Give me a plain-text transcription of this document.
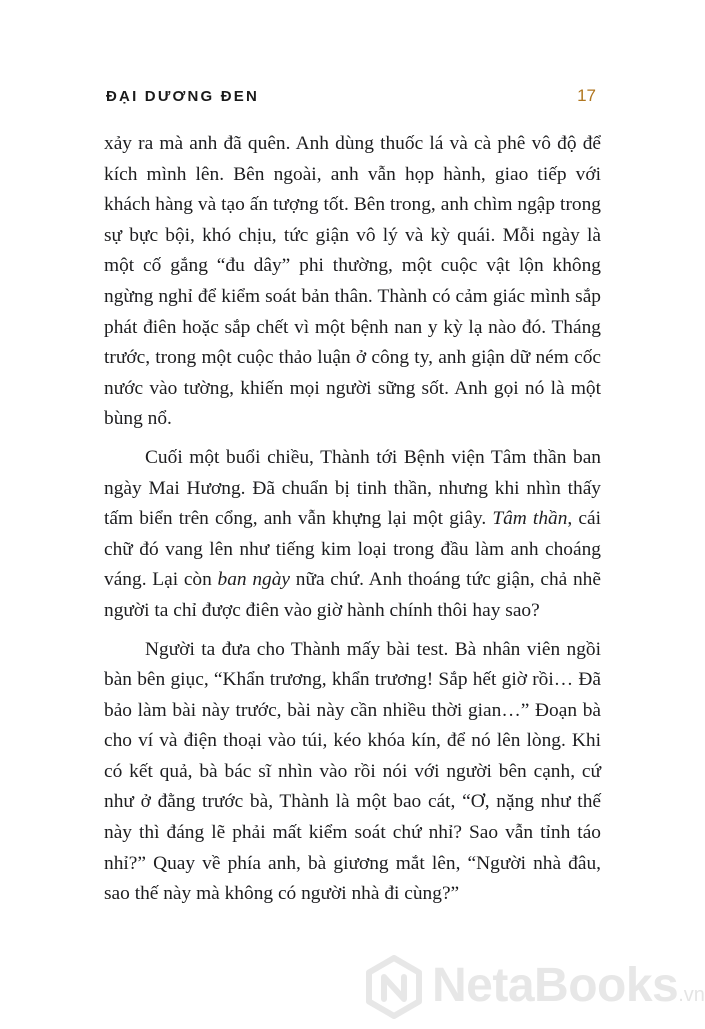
ĐẠI DƯƠNG ĐEN	17

xảy ra mà anh đã quên. Anh dùng thuốc lá và cà phê vô độ để kích mình lên. Bên ngoài, anh vẫn họp hành, giao tiếp với khách hàng và tạo ấn tượng tốt. Bên trong, anh chìm ngập trong sự bực bội, khó chịu, tức giận vô lý và kỳ quái. Mỗi ngày là một cố gắng “đu dây” phi thường, một cuộc vật lộn không ngừng nghỉ để kiểm soát bản thân. Thành có cảm giác mình sắp phát điên hoặc sắp chết vì một bệnh nan y kỳ lạ nào đó. Tháng trước, trong một cuộc thảo luận ở công ty, anh giận dữ ném cốc nước vào tường, khiến mọi người sững sốt. Anh gọi nó là một bùng nổ.

Cuối một buổi chiều, Thành tới Bệnh viện Tâm thần ban ngày Mai Hương. Đã chuẩn bị tinh thần, nhưng khi nhìn thấy tấm biển trên cổng, anh vẫn khựng lại một giây. Tâm thần, cái chữ đó vang lên như tiếng kim loại trong đầu làm anh choáng váng. Lại còn ban ngày nữa chứ. Anh thoáng tức giận, chả nhẽ người ta chỉ được điên vào giờ hành chính thôi hay sao?

Người ta đưa cho Thành mấy bài test. Bà nhân viên ngồi bàn bên giục, “Khẩn trương, khẩn trương! Sắp hết giờ rồi… Đã bảo làm bài này trước, bài này cần nhiều thời gian…” Đoạn bà cho ví và điện thoại vào túi, kéo khóa kín, để nó lên lòng. Khi có kết quả, bà bác sĩ nhìn vào rồi nói với người bên cạnh, cứ như ở đằng trước bà, Thành là một bao cát, “Ơ, nặng như thế này thì đáng lẽ phải mất kiểm soát chứ nhỉ? Sao vẫn tỉnh táo nhỉ?” Quay về phía anh, bà giương mắt lên, “Người nhà đâu, sao thế này mà không có người nhà đi cùng?”

NetaBooks.vn
